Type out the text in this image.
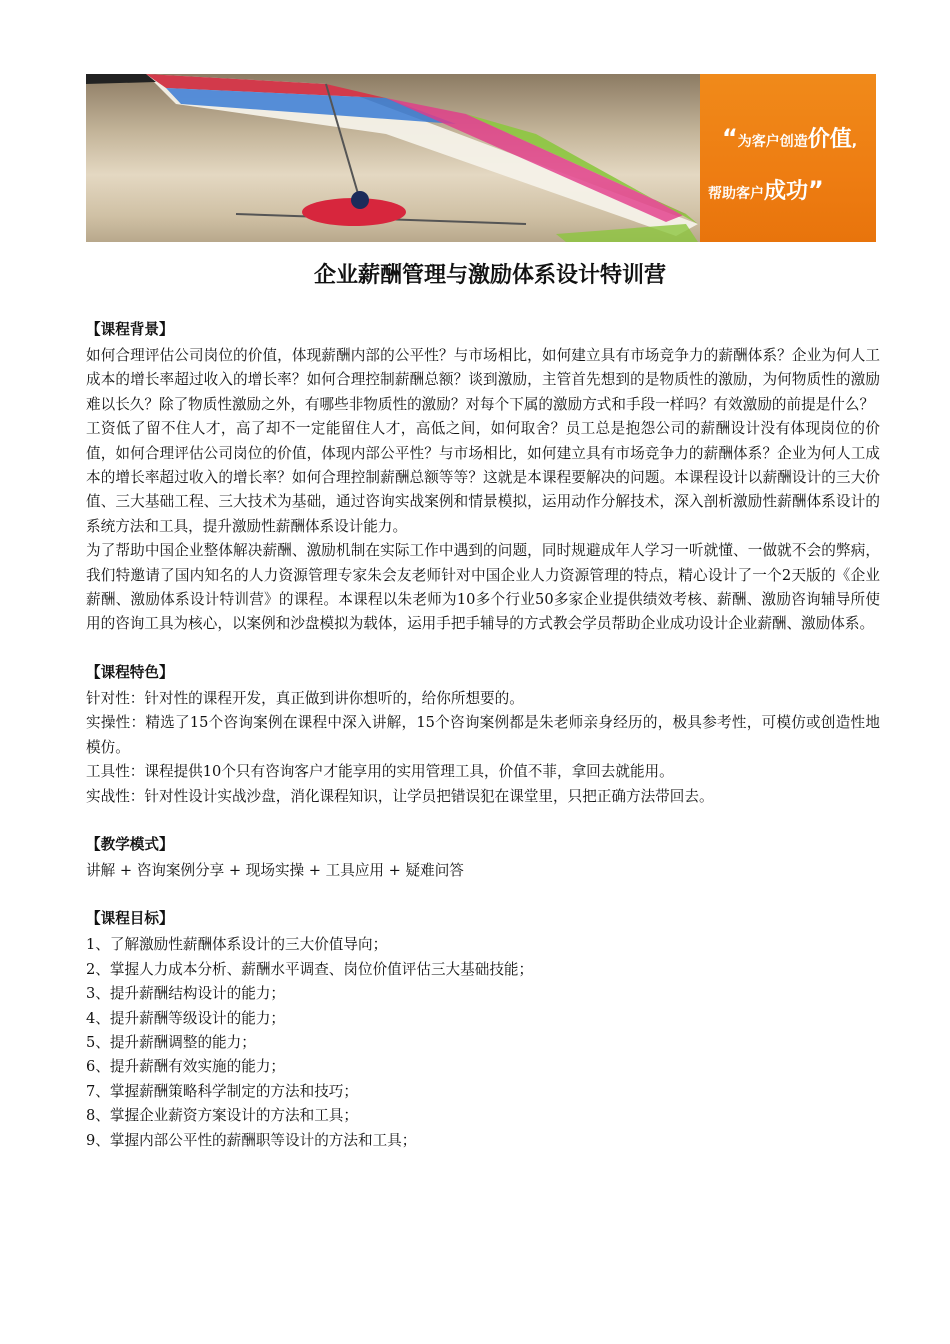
“为客户创造价值,
帮助客户成功”
企业薪酬管理与激励体系设计特训营

【课程背景】

如何合理评估公司岗位的价值，体现薪酬内部的公平性？与市场相比，如何建立具有市场竞争力的薪酬体系？企业为何人工成本的增长率超过收入的增长率？如何合理控制薪酬总额？谈到激励，主管首先想到的是物质性的激励，为何物质性的激励难以长久？除了物质性激励之外，有哪些非物质性的激励？对每个下属的激励方式和手段一样吗？有效激励的前提是什么？

工资低了留不住人才，高了却不一定能留住人才，高低之间，如何取舍？员工总是抱怨公司的薪酬设计没有体现岗位的价值，如何合理评估公司岗位的价值，体现内部公平性？与市场相比，如何建立具有市场竞争力的薪酬体系？企业为何人工成本的增长率超过收入的增长率？如何合理控制薪酬总额等等？这就是本课程要解决的问题。本课程设计以薪酬设计的三大价值、三大基础工程、三大技术为基础，通过咨询实战案例和情景模拟，运用动作分解技术，深入剖析激励性薪酬体系设计的系统方法和工具，提升激励性薪酬体系设计能力。

为了帮助中国企业整体解决薪酬、激励机制在实际工作中遇到的问题，同时规避成年人学习一听就懂、一做就不会的弊病，我们特邀请了国内知名的人力资源管理专家朱会友老师针对中国企业人力资源管理的特点，精心设计了一个2天版的《企业薪酬、激励体系设计特训营》的课程。本课程以朱老师为10多个行业50多家企业提供绩效考核、薪酬、激励咨询辅导所使用的咨询工具为核心，以案例和沙盘模拟为载体，运用手把手辅导的方式教会学员帮助企业成功设计企业薪酬、激励体系。

【课程特色】

针对性：针对性的课程开发，真正做到讲你想听的，给你所想要的。

实操性：精选了15个咨询案例在课程中深入讲解，15个咨询案例都是朱老师亲身经历的，极具参考性，可模仿或创造性地模仿。

工具性：课程提供10个只有咨询客户才能享用的实用管理工具，价值不菲，拿回去就能用。

实战性：针对性设计实战沙盘，消化课程知识，让学员把错误犯在课堂里，只把正确方法带回去。

【教学模式】

讲解 + 咨询案例分享 + 现场实操 + 工具应用 + 疑难问答

【课程目标】

1、了解激励性薪酬体系设计的三大价值导向；

2、掌握人力成本分析、薪酬水平调查、岗位价值评估三大基础技能；

3、提升薪酬结构设计的能力；

4、提升薪酬等级设计的能力；

5、提升薪酬调整的能力；

6、提升薪酬有效实施的能力；

7、掌握薪酬策略科学制定的方法和技巧；

8、掌握企业薪资方案设计的方法和工具；

9、掌握内部公平性的薪酬职等设计的方法和工具；
